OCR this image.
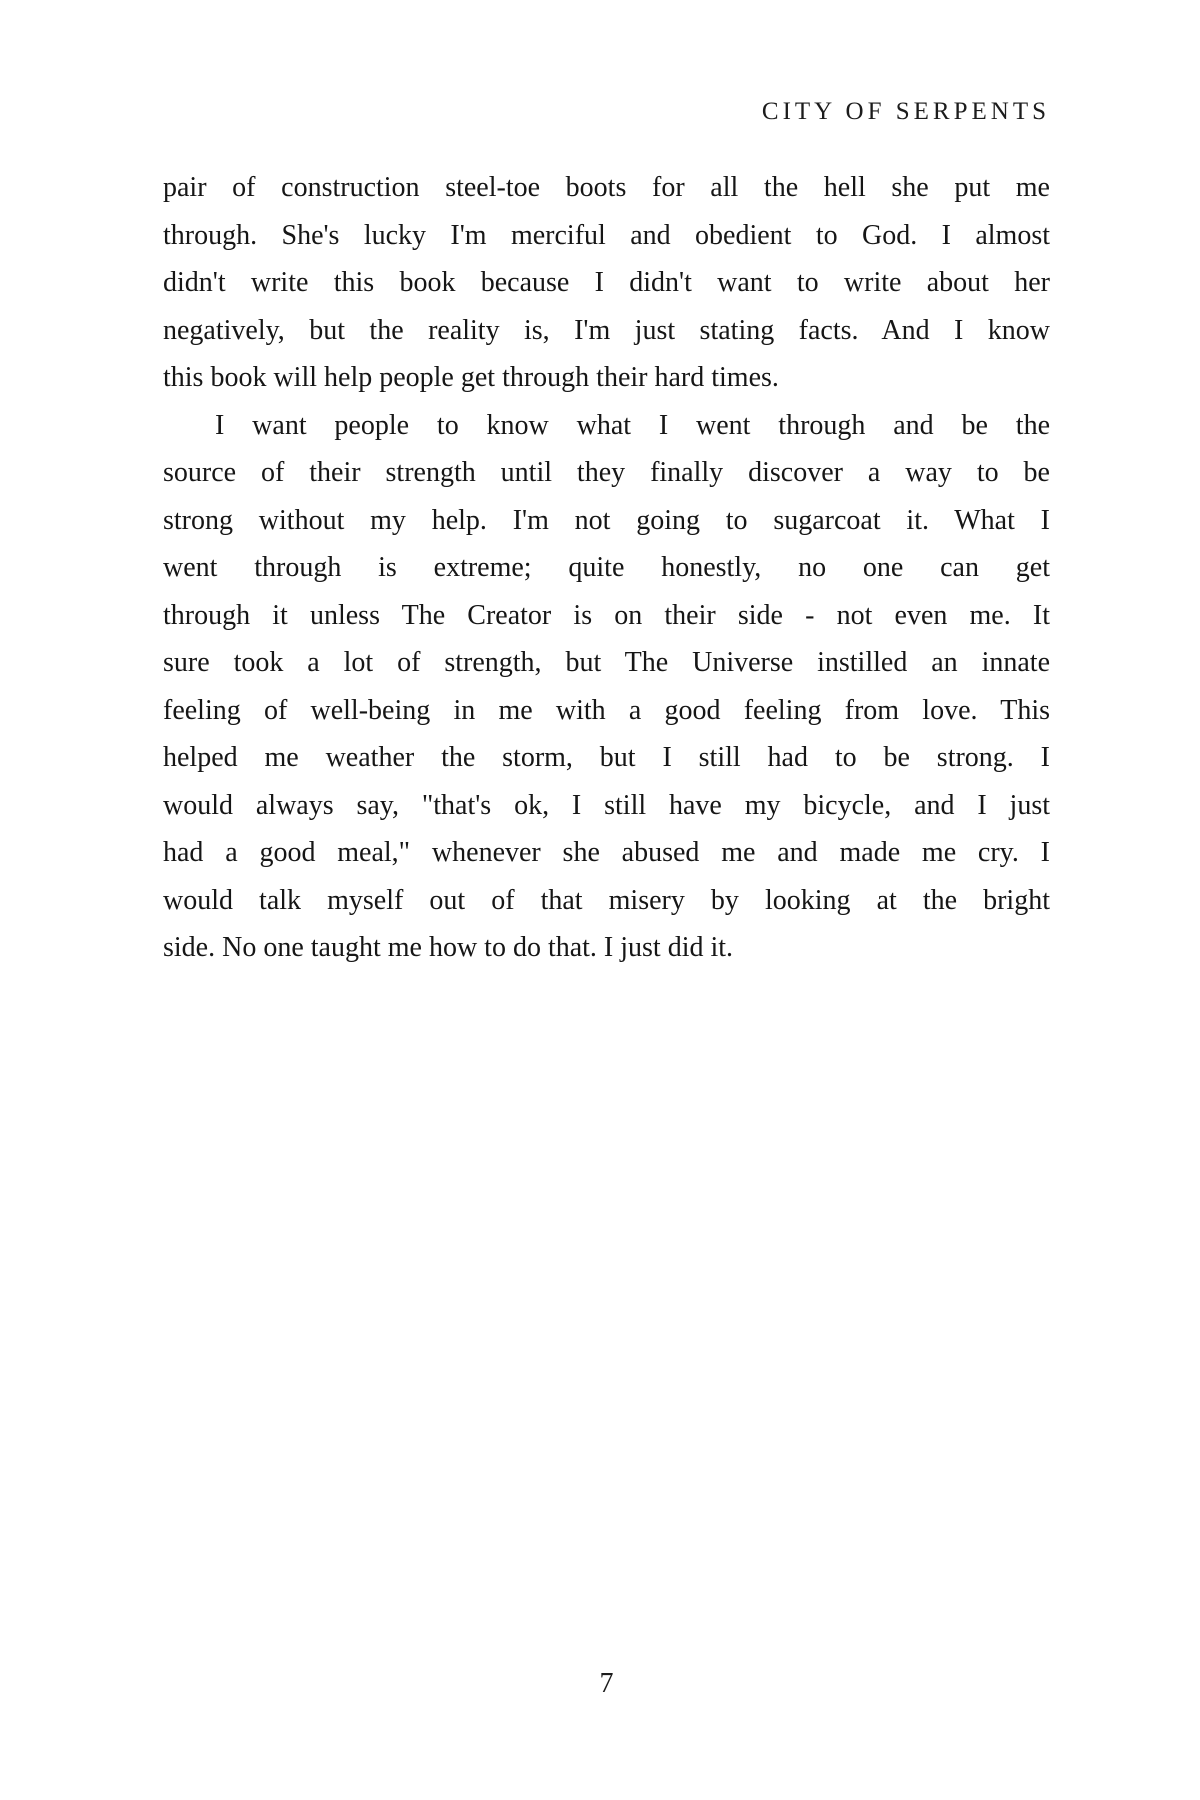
CITY OF SERPENTS
pair of construction steel-toe boots for all the hell she put me
through. She's lucky I'm merciful and obedient to God. I almost
didn't write this book because I didn't want to write about her
negatively, but the reality is, I'm just stating facts. And I know
this book will help people get through their hard times.
I want people to know what I went through and be the
source of their strength until they finally discover a way to be
strong without my help. I'm not going to sugarcoat it. What I
went through is extreme; quite honestly, no one can get
through it unless The Creator is on their side - not even me. It
sure took a lot of strength, but The Universe instilled an innate
feeling of well-being in me with a good feeling from love. This
helped me weather the storm, but I still had to be strong. I
would always say, "that's ok, I still have my bicycle, and I just
had a good meal," whenever she abused me and made me cry. I
would talk myself out of that misery by looking at the bright
side. No one taught me how to do that. I just did it.
7
